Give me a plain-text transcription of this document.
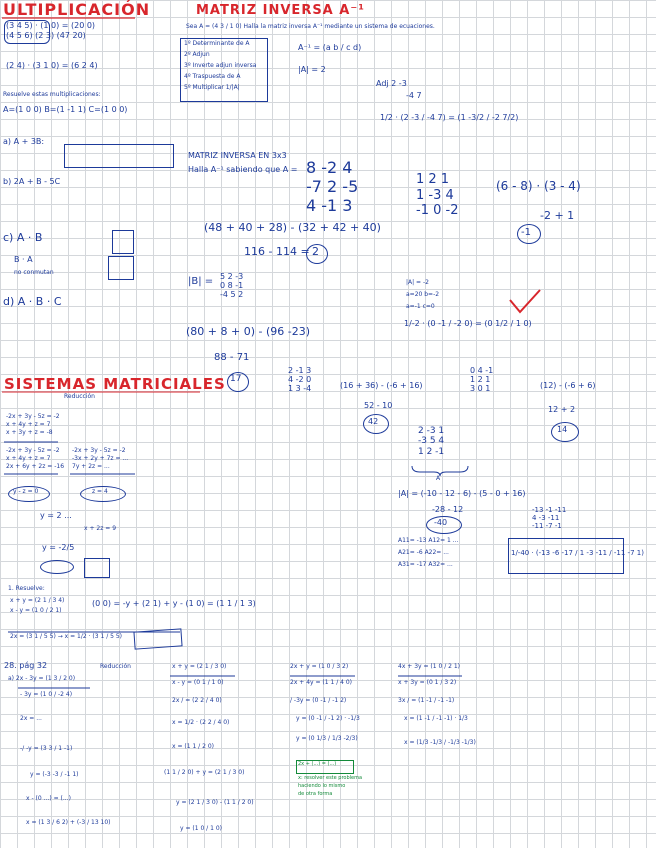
ULTIPLICACIÓN	MATRIZ INVERSA A⁻¹
SISTEMAS MATRICIALES
Reducción
(3 4 5) · (1 0) = (20 0)
(4 5 6) (2 3) (47 20)
(2 4) · (3 1 0) = (6 2 4)
Resuelve estas multiplicaciones:
A=(1 0 0) B=(1 -1 1) C=(1 0 0)
a) A + 3B:
b) 2A + B - 5C
c) A · B
B · A
no conmutan
d) A · B · C
Sea A = (4 3 / 1 0) Halla la matriz inversa A⁻¹ mediante un sistema de ecuaciones.
1º Determinante de A
2º Adjun
3º Inverte adjun inversa
4º Traspuesta de A
5º Multiplicar 1/|A|
A⁻¹ = (a b / c d)
|A| = 2
Adj 2 -3
-4 7
1/2 · (2 -3 / -4 7) = (1 -3/2 / -2 7/2)
MATRIZ INVERSA EN 3x3
Halla A⁻¹ sabiendo que A = 8 -2 4
-7 2 -5
4 -1 3
1 2 1
1 -3 4
-1 0 -2
(6 - 8) · (3 - 4)
-2 + 1
-1
(48 + 40 + 28) - (32 + 42 + 40)
116 - 114 = 2
|B| = 5 2 -3
0 8 -1
-4 5 2
(80 + 8 + 0) - (96 -23)
88 - 71
17
|A| = -2
a=20 b=-2
a=-1 c=0
1/-2 · (0 -1 / -2 0) = (0 1/2 / 1 0)
2 -1 3
4 -2 0
1 3 -4	(16 + 36) - (-6 + 16)
52 - 10
42
0 4 -1
1 2 1
3 0 1	(12) - (-6 + 6)
12 + 2
14
2 -3 1
-3 5 4
1 2 -1
A
|A| = (-10 - 12 - 6) - (5 - 0 + 16)
-28 - 12
-40
-13 -1 -11
4 -3 -11
-11 -7 -1
A11= -13 A12= 1 ...
A21= -6 A22= ...
A31= -17 A32= ...
1/-40 · (-13 -6 -17 / 1 -3 -11 / -11 -7 1)
-2x + 3y - 5z = -2
x + 4y + z = 7
x + 3y + z = -8
-2x + 3y - 5z = -2
x + 4y + z = 7
2x + 6y + 2z = -16
-2x + 3y - 5z = -2
-3x + 2y + 7z = ...
7y + 2z = ...
y - z = 0	z = 4
y = 2 ...
x + 2z = 9
y = -2/5
1. Resuelve:
x + y = (2 1 / 3 4)
x - y = (1 0 / 2 1)
(0 0) = -y + (2 1) + y - (1 0) = (1 1 / 1 3)
2x = (3 1 / 5 5) → x = 1/2 · (3 1 / 5 5)
28. pág 32	Reducción
a) 2x - 3y = (1 3 / 2 0)
- 3y = (1 0 / -2 4)
2x = ...
-/ -y = (3 3 / 1 -1)
y = (-3 -3 / -1 1)
x - (0 ...) = (...)
x = (1 3 / 6 2) + (-3 / 13 10)
x + y = (2 1 / 3 0)
x - y = (0 1 / 1 0)
2x / = (2 2 / 4 0)
x = 1/2 · (2 2 / 4 0)
x = (1 1 / 2 0)
(1 1 / 2 0) + y = (2 1 / 3 0)
y = (2 1 / 3 0) - (1 1 / 2 0)
y = (1 0 / 1 0)
2x + y = (1 0 / 3 2)
2x + 4y = (1 1 / 4 0)
/ -3y = (0 -1 / -1 2)
y = (0 -1 / -1 2) · -1/3
y = (0 1/3 / 1/3 -2/3)
2x + (...) = (...)
x: resolver este problema
haciendo lo mismo
de otra forma
4x + 3y = (1 0 / 2 1)
x + 3y = (0 1 / 3 2)
3x / = (1 -1 / -1 -1)
x = (1 -1 / -1 -1) · 1/3
x = (1/3 -1/3 / -1/3 -1/3)
